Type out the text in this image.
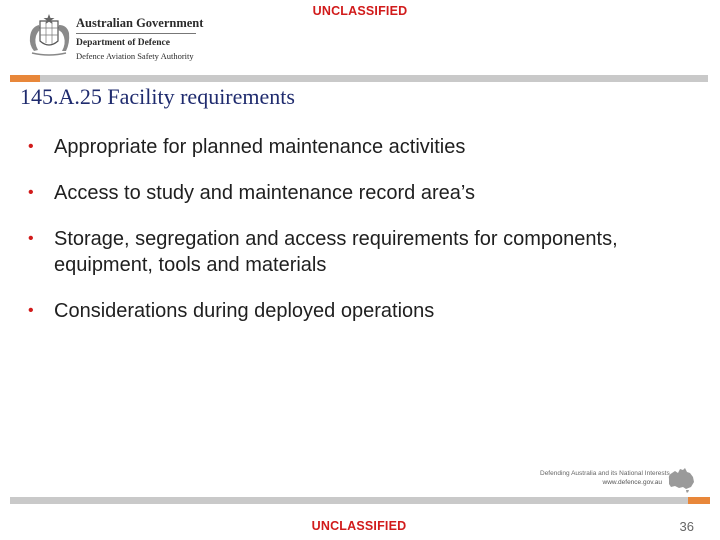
UNCLASSIFIED
Australian Government
Department of Defence
Defence Aviation Safety Authority
145.A.25 Facility requirements
• Appropriate for planned maintenance activities
• Access to study and maintenance record area’s
• Storage, segregation and access requirements for components, equipment, tools and materials
• Considerations during deployed operations
Defending Australia and its National Interests
www.defence.gov.au
UNCLASSIFIED	36
